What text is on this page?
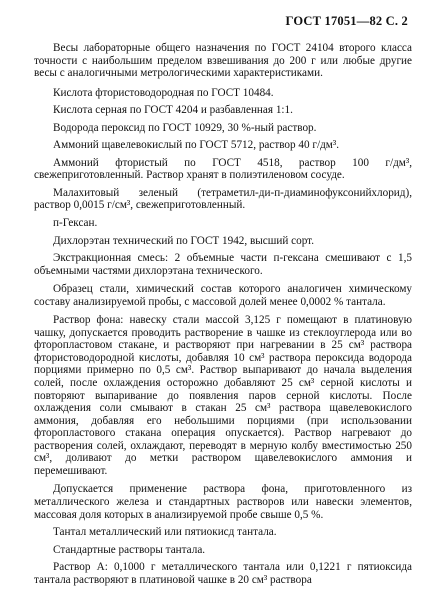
ГОСТ 17051—82 С. 2

Весы лабораторные общего назначения по ГОСТ 24104 второго класса точности с наибольшим пределом взвешивания до 200 г или любые другие весы с аналогичными метрологическими характеристиками.

Кислота фтористоводородная по ГОСТ 10484.

Кислота серная по ГОСТ 4204 и разбавленная 1:1.

Водорода пероксид по ГОСТ 10929, 30 %-ный раствор.

Аммоний щавелевокислый по ГОСТ 5712, раствор 40 г/дм³.

Аммоний фтористый по ГОСТ 4518, раствор 100 г/дм³, свежеприготовленный. Раствор хранят в полиэтиленовом сосуде.

Малахитовый зеленый (тетраметил-ди-п-диаминофуксонийхлорид), раствор 0,0015 г/см³, свежеприготовленный.

п-Гексан.

Дихлорэтан технический по ГОСТ 1942, высший сорт.

Экстракционная смесь: 2 объемные части п-гексана смешивают с 1,5 объемными частями дихлорэтана технического.

Образец стали, химический состав которого аналогичен химическому составу анализируемой пробы, с массовой долей менее 0,0002 % тантала.

Раствор фона: навеску стали массой 3,125 г помещают в платиновую чашку, допускается проводить растворение в чашке из стеклоуглерода или во фторопластовом стакане, и растворяют при нагревании в 25 см³ раствора фтористоводородной кислоты, добавляя 10 см³ раствора пероксида водорода порциями примерно по 0,5 см³. Раствор выпаривают до начала выделения солей, после охлаждения осторожно добавляют 25 см³ серной кислоты и повторяют выпаривание до появления паров серной кислоты. После охлаждения соли смывают в стакан 25 см³ раствора щавелевокислого аммония, добавляя его небольшими порциями (при использовании фторопластового стакана операция опускается). Раствор нагревают до растворения солей, охлаждают, переводят в мерную колбу вместимостью 250 см³, доливают до метки раствором щавелевокислого аммония и перемешивают.

Допускается применение раствора фона, приготовленного из металлического железа и стандартных растворов или навески элементов, массовая доля которых в анализируемой пробе свыше 0,5 %.

Тантал металлический или пятиокисд тантала.

Стандартные растворы тантала.

Раствор А: 0,1000 г металлического тантала или 0,1221 г пятиоксида тантала растворяют в платиновой чашке в 20 см³ раствора
